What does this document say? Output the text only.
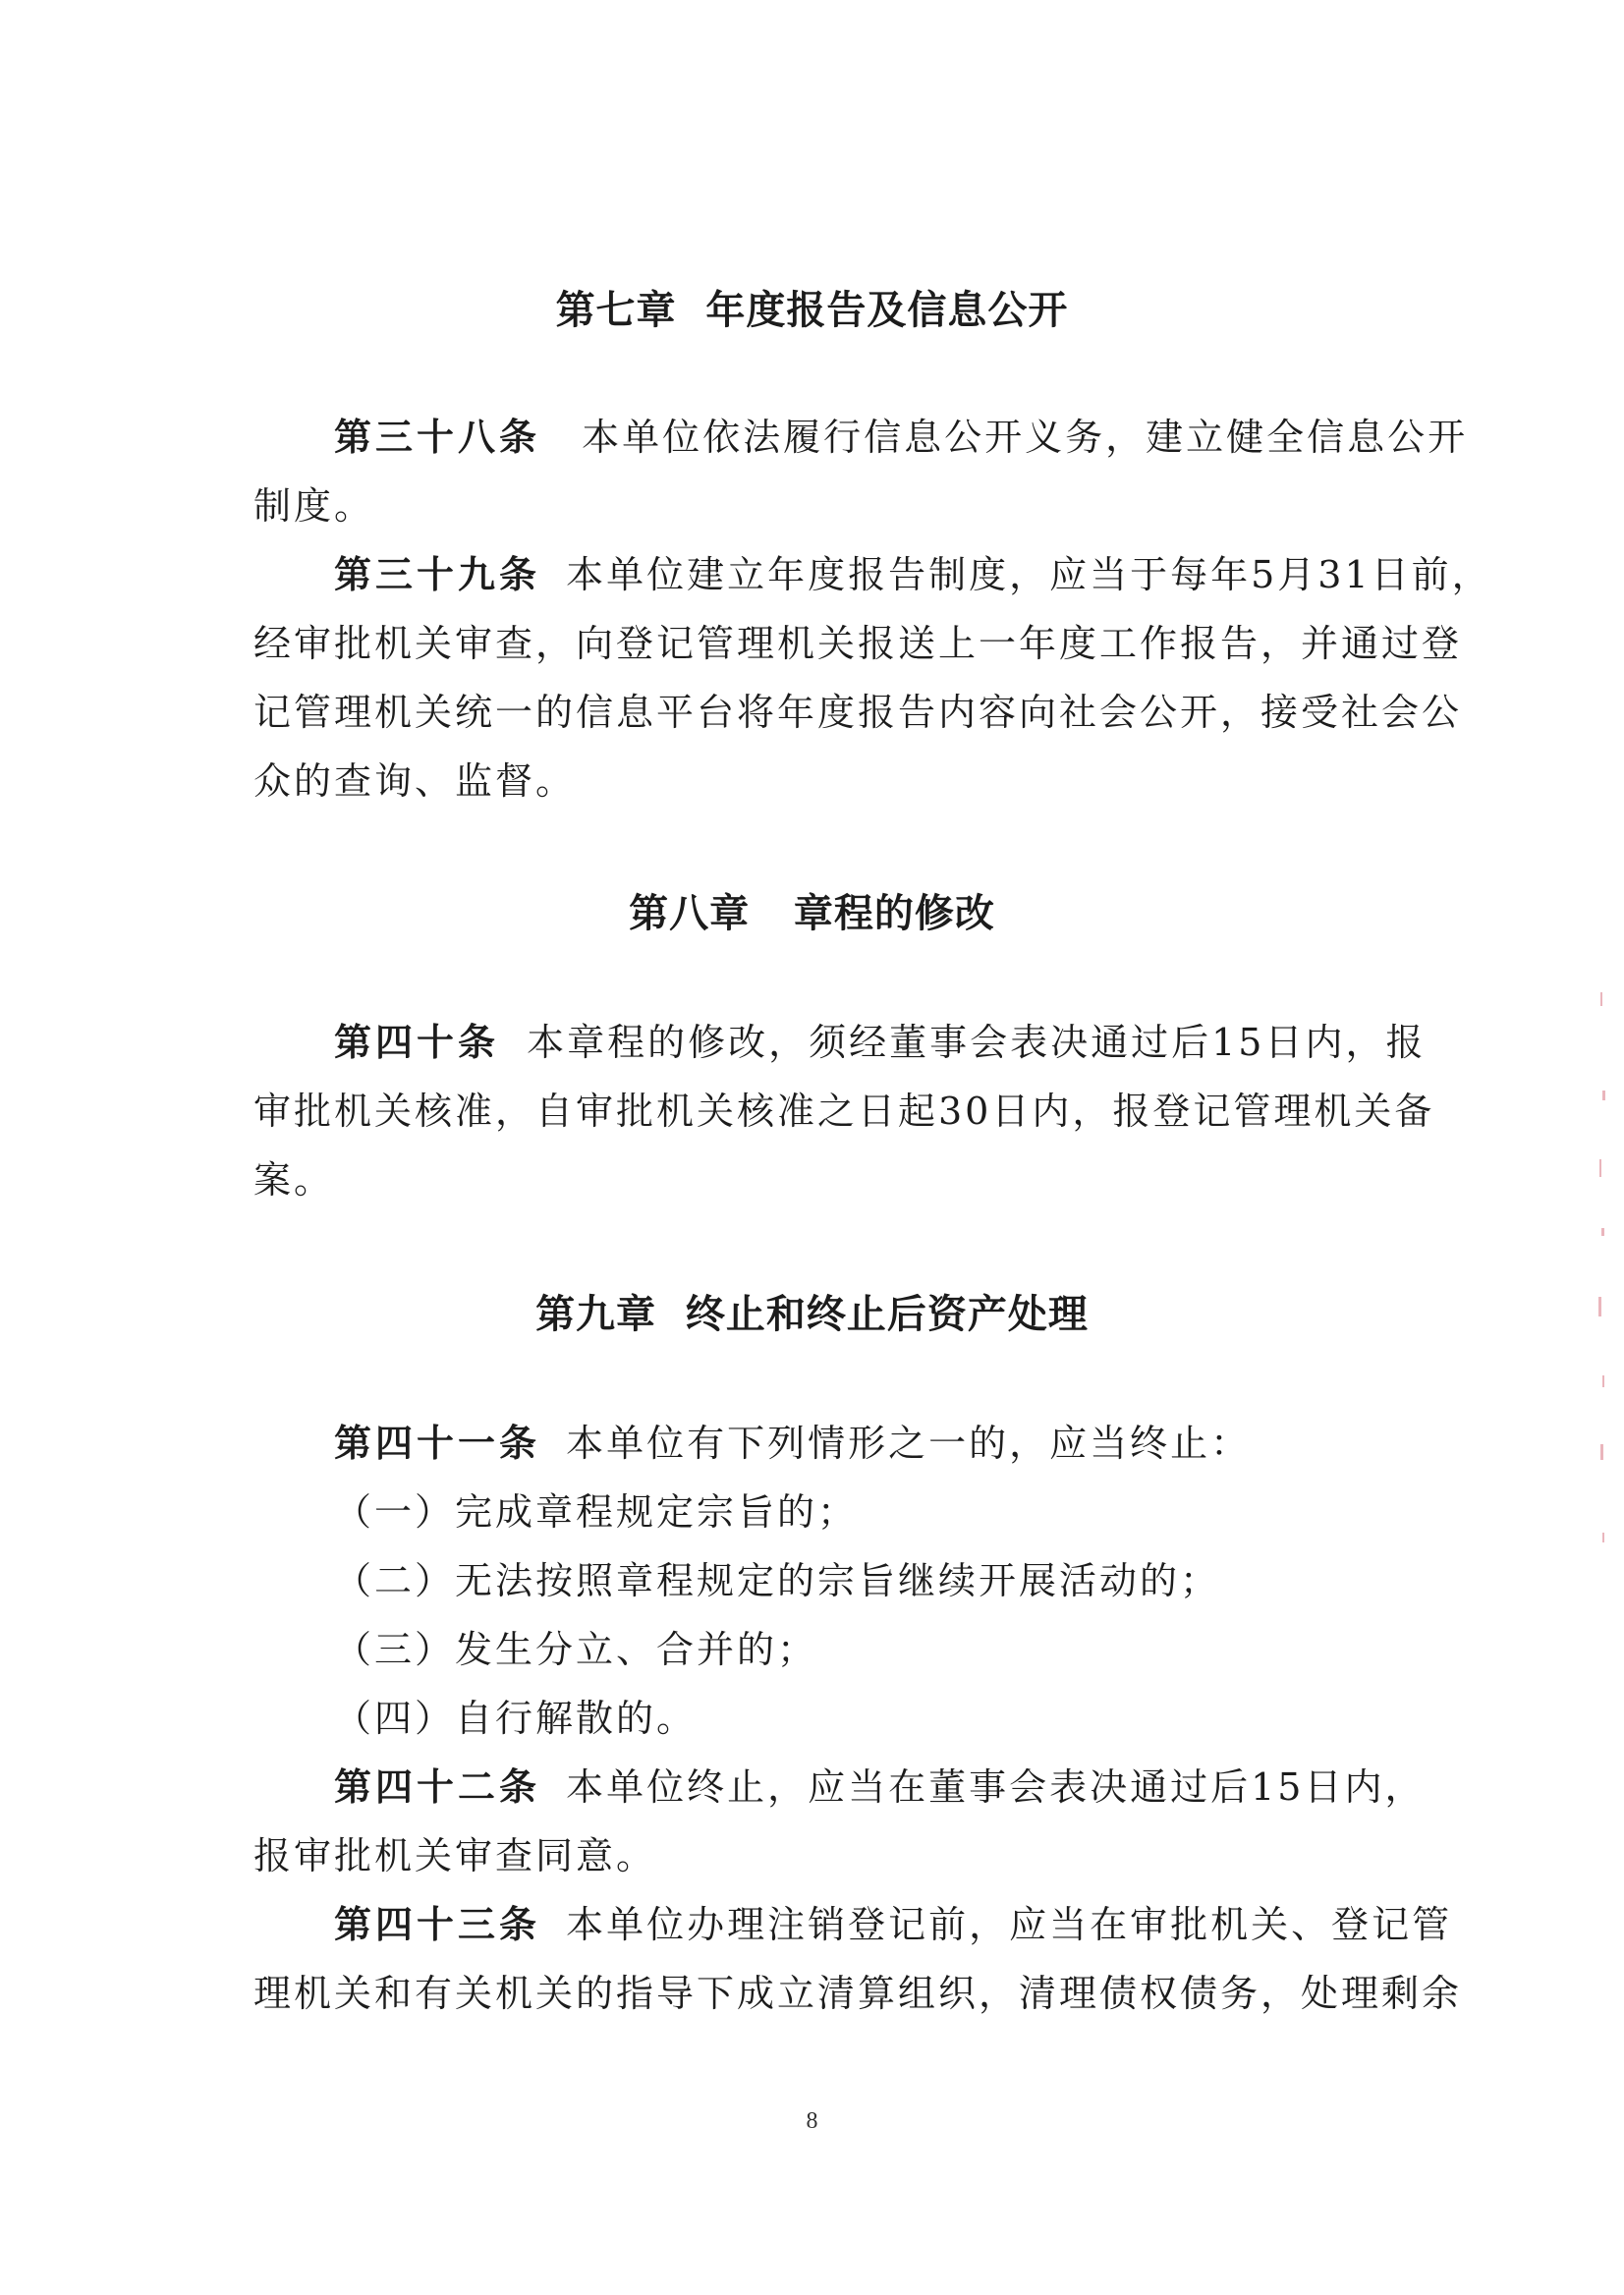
第七章  年度报告及信息公开
第三十八条 本单位依法履行信息公开义务，建立健全信息公开
制度。
第三十九条 本单位建立年度报告制度，应当于每年5月31日前，
经审批机关审查，向登记管理机关报送上一年度工作报告，并通过登
记管理机关统一的信息平台将年度报告内容向社会公开，接受社会公
众的查询、监督。
第八章   章程的修改
第四十条 本章程的修改，须经董事会表决通过后15日内，报
审批机关核准，自审批机关核准之日起30日内，报登记管理机关备
案。
第九章  终止和终止后资产处理
第四十一条 本单位有下列情形之一的，应当终止：
（一）完成章程规定宗旨的；
（二）无法按照章程规定的宗旨继续开展活动的；
（三）发生分立、合并的；
（四）自行解散的。
第四十二条 本单位终止，应当在董事会表决通过后15日内，
报审批机关审查同意。
第四十三条 本单位办理注销登记前，应当在审批机关、登记管
理机关和有关机关的指导下成立清算组织，清理债权债务，处理剩余
8
